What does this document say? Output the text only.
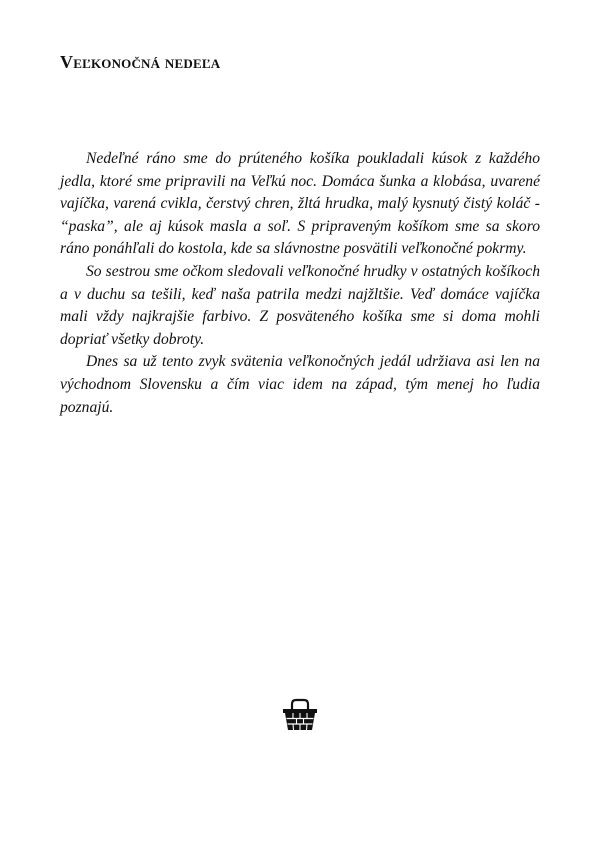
Veľkonočná nedeľa

Nedeľné ráno sme do prúteného košíka poukladali kúsok z každého jedla, ktoré sme pripravili na Veľkú noc. Domáca šunka a klobása, uvarené vajíčka, varená cvikla, čerstvý chren, žltá hrudka, malý kysnutý čistý koláč - “paska”, ale aj kúsok masla a soľ. S pripraveným košíkom sme sa skoro ráno ponáhľali do kostola, kde sa slávnostne posvätili veľkonočné pokrmy.

So sestrou sme očkom sledovali veľkonočné hrudky v ostatných košíkoch a v duchu sa tešili, keď naša patrila medzi najžltšie. Veď domáce vajíčka mali vždy najkrajšie farbivo. Z posväteného košíka sme si doma mohli dopriať všetky dobroty.

Dnes sa už tento zvyk svätenia veľkonočných jedál udržiava asi len na východnom Slovensku a čím viac idem na západ, tým menej ho ľudia poznajú.
